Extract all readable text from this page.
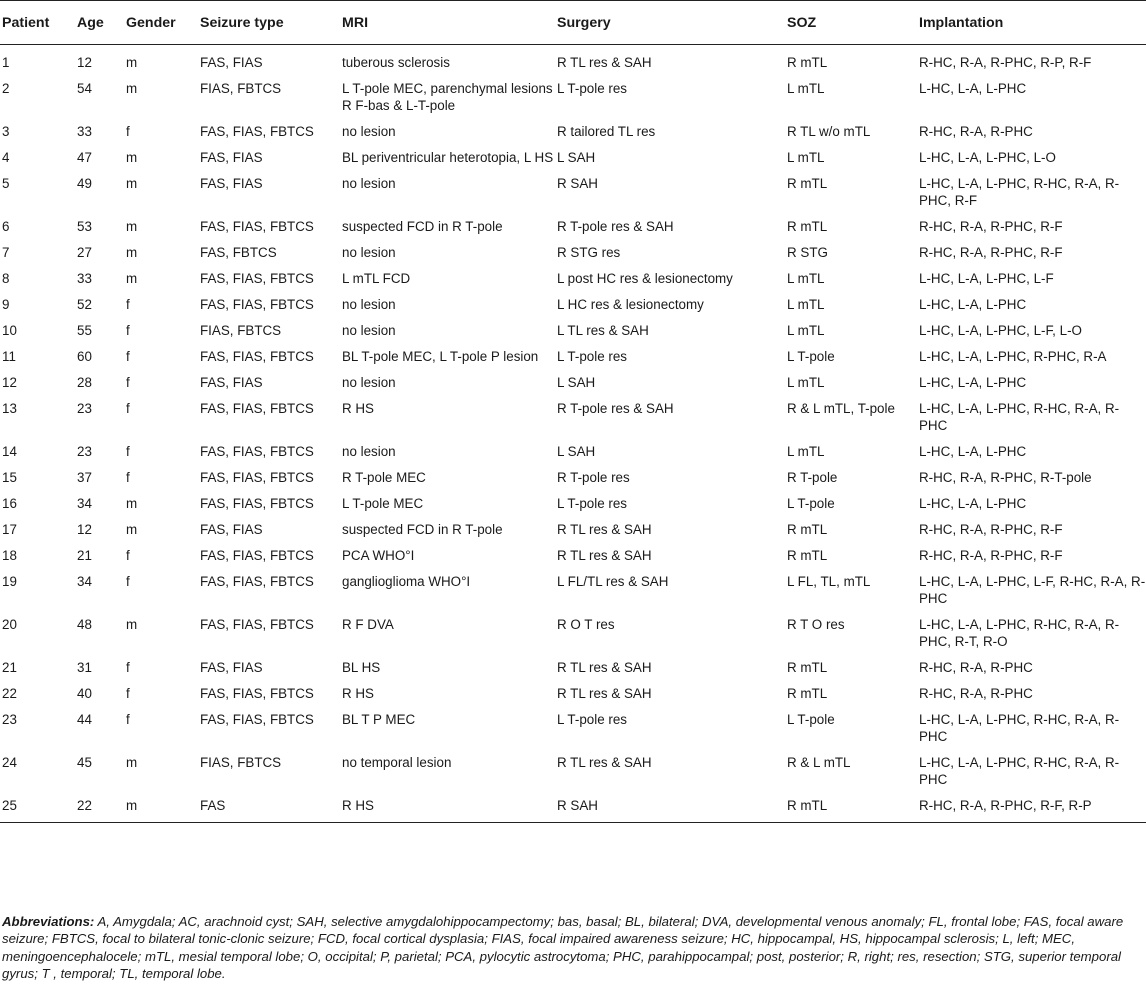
Patient	Age	Gender	Seizure type	MRI	Surgery	SOZ	Implantation
1	12	m	FAS, FIAS	tuberous sclerosis	R TL res & SAH	R mTL	R-HC, R-A, R-PHC, R-P, R-F
2	54	m	FIAS, FBTCS	L T-pole MEC, parenchymal lesions R F-bas & L-T-pole	L T-pole res	L mTL	L-HC, L-A, L-PHC
3	33	f	FAS, FIAS, FBTCS	no lesion	R tailored TL res	R TL w/o mTL	R-HC, R-A, R-PHC
4	47	m	FAS, FIAS	BL periventricular heterotopia, L HS	L SAH	L mTL	L-HC, L-A, L-PHC, L-O
5	49	m	FAS, FIAS	no lesion	R SAH	R mTL	L-HC, L-A, L-PHC, R-HC, R-A, R-PHC, R-F
6	53	m	FAS, FIAS, FBTCS	suspected FCD in R T-pole	R T-pole res & SAH	R mTL	R-HC, R-A, R-PHC, R-F
7	27	m	FAS, FBTCS	no lesion	R STG res	R STG	R-HC, R-A, R-PHC, R-F
8	33	m	FAS, FIAS, FBTCS	L mTL FCD	L post HC res & lesionectomy	L mTL	L-HC, L-A, L-PHC, L-F
9	52	f	FAS, FIAS, FBTCS	no lesion	L HC res & lesionectomy	L mTL	L-HC, L-A, L-PHC
10	55	f	FIAS, FBTCS	no lesion	L TL res & SAH	L mTL	L-HC, L-A, L-PHC, L-F, L-O
11	60	f	FAS, FIAS, FBTCS	BL T-pole MEC, L T-pole P lesion	L T-pole res	L T-pole	L-HC, L-A, L-PHC, R-PHC, R-A
12	28	f	FAS, FIAS	no lesion	L SAH	L mTL	L-HC, L-A, L-PHC
13	23	f	FAS, FIAS, FBTCS	R HS	R T-pole res & SAH	R & L mTL, T-pole	L-HC, L-A, L-PHC, R-HC, R-A, R-PHC
14	23	f	FAS, FIAS, FBTCS	no lesion	L SAH	L mTL	L-HC, L-A, L-PHC
15	37	f	FAS, FIAS, FBTCS	R T-pole MEC	R T-pole res	R T-pole	R-HC, R-A, R-PHC, R-T-pole
16	34	m	FAS, FIAS, FBTCS	L T-pole MEC	L T-pole res	L T-pole	L-HC, L-A, L-PHC
17	12	m	FAS, FIAS	suspected FCD in R T-pole	R TL res & SAH	R mTL	R-HC, R-A, R-PHC, R-F
18	21	f	FAS, FIAS, FBTCS	PCA WHO°I	R TL res & SAH	R mTL	R-HC, R-A, R-PHC, R-F
19	34	f	FAS, FIAS, FBTCS	ganglioglioma WHO°I	L FL/TL res & SAH	L FL, TL, mTL	L-HC, L-A, L-PHC, L-F, R-HC, R-A, R-PHC
20	48	m	FAS, FIAS, FBTCS	R F DVA	R O T res	R T O res	L-HC, L-A, L-PHC, R-HC, R-A, R-PHC, R-T, R-O
21	31	f	FAS, FIAS	BL HS	R TL res & SAH	R mTL	R-HC, R-A, R-PHC
22	40	f	FAS, FIAS, FBTCS	R HS	R TL res & SAH	R mTL	R-HC, R-A, R-PHC
23	44	f	FAS, FIAS, FBTCS	BL T P MEC	L T-pole res	L T-pole	L-HC, L-A, L-PHC, R-HC, R-A, R-PHC
24	45	m	FIAS, FBTCS	no temporal lesion	R TL res & SAH	R & L mTL	L-HC, L-A, L-PHC, R-HC, R-A, R-PHC
25	22	m	FAS	R HS	R SAH	R mTL	R-HC, R-A, R-PHC, R-F, R-P
Abbreviations: A, Amygdala; AC, arachnoid cyst; SAH, selective amygdalohippocampectomy; bas, basal; BL, bilateral; DVA, developmental venous anomaly; FL, frontal lobe; FAS, focal aware seizure; FBTCS, focal to bilateral tonic-clonic seizure; FCD, focal cortical dysplasia; FIAS, focal impaired awareness seizure; HC, hippocampal, HS, hippocampal sclerosis; L, left; MEC, meningoencephalocele; mTL, mesial temporal lobe; O, occipital; P, parietal; PCA, pylocytic astrocytoma; PHC, parahippocampal; post, posterior; R, right; res, resection; STG, superior temporal gyrus; T , temporal; TL, temporal lobe.
